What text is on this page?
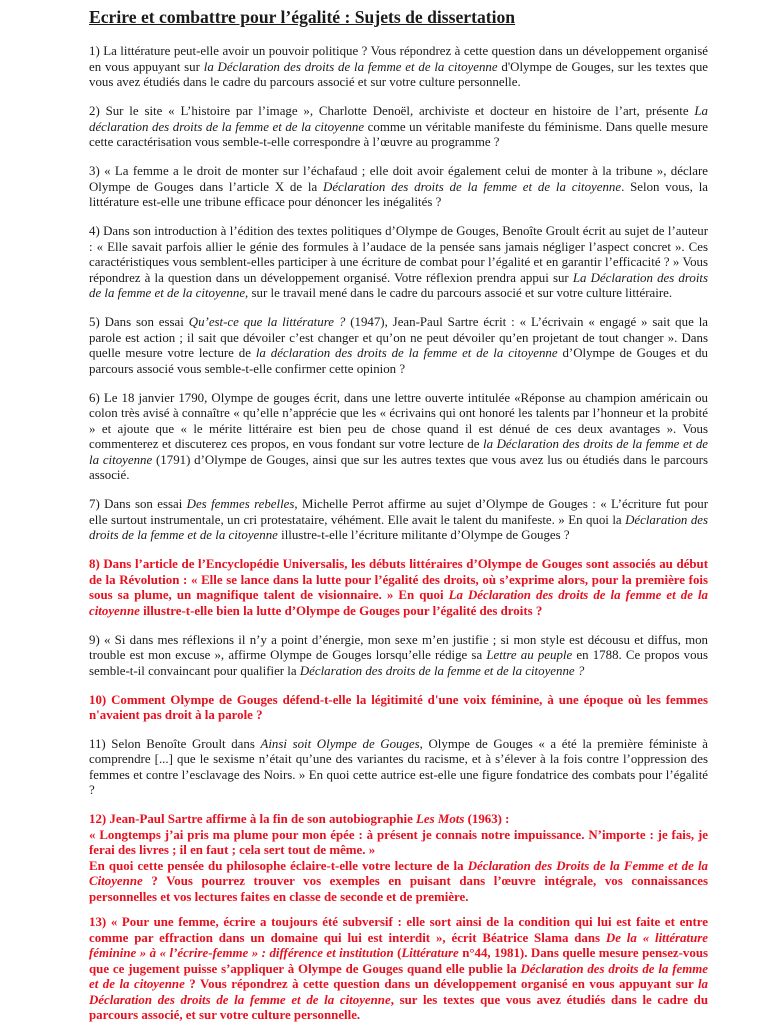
Ecrire et combattre pour l’égalité : Sujets de dissertation

1) La littérature peut-elle avoir un pouvoir politique ? Vous répondrez à cette question dans un développement organisé en vous appuyant sur la Déclaration des droits de la femme et de la citoyenne d'Olympe de Gouges, sur les textes que vous avez étudiés dans le cadre du parcours associé et sur votre culture personnelle.

2) Sur le site « L’histoire par l’image », Charlotte Denoël, archiviste et docteur en histoire de l’art, présente La déclaration des droits de la femme et de la citoyenne comme un véritable manifeste du féminisme. Dans quelle mesure cette caractérisation vous semble-t-elle correspondre à l’œuvre au programme ?

3) « La femme a le droit de monter sur l’échafaud ; elle doit avoir également celui de monter à la tribune », déclare Olympe de Gouges dans l’article X de la Déclaration des droits de la femme et de la citoyenne. Selon vous, la littérature est-elle une tribune efficace pour dénoncer les inégalités ?

4) Dans son introduction à l’édition des textes politiques d’Olympe de Gouges, Benoîte Groult écrit au sujet de l’auteur : « Elle savait parfois allier le génie des formules à l’audace de la pensée sans jamais négliger l’aspect concret ». Ces caractéristiques vous semblent-elles participer à une écriture de combat pour l’égalité et en garantir l’efficacité ? » Vous répondrez à la question dans un développement organisé. Votre réflexion prendra appui sur La Déclaration des droits de la femme et de la citoyenne, sur le travail mené dans le cadre du parcours associé et sur votre culture littéraire.

5) Dans son essai Qu’est-ce que la littérature ? (1947), Jean-Paul Sartre écrit : « L’écrivain « engagé » sait que la parole est action ; il sait que dévoiler c’est changer et qu’on ne peut dévoiler qu’en projetant de tout changer ». Dans quelle mesure votre lecture de la déclaration des droits de la femme et de la citoyenne d’Olympe de Gouges et du parcours associé vous semble-t-elle confirmer cette opinion ?

6) Le 18 janvier 1790, Olympe de gouges écrit, dans une lettre ouverte intitulée «Réponse au champion américain ou colon très avisé à connaître « qu’elle n’apprécie que les « écrivains qui ont honoré les talents par l’honneur et la probité » et ajoute que « le mérite littéraire est bien peu de chose quand il est dénué de ces deux avantages ». Vous commenterez et discuterez ces propos, en vous fondant sur votre lecture de la Déclaration des droits de la femme et de la citoyenne (1791) d’Olympe de Gouges, ainsi que sur les autres textes que vous avez lus ou étudiés dans le parcours associé.

7) Dans son essai Des femmes rebelles, Michelle Perrot affirme au sujet d’Olympe de Gouges : « L’écriture fut pour elle surtout instrumentale, un cri protestataire, véhément. Elle avait le talent du manifeste. » En quoi la Déclaration des droits de la femme et de la citoyenne illustre-t-elle l’écriture militante d’Olympe de Gouges ?

8) Dans l’article de l’Encyclopédie Universalis, les débuts littéraires d’Olympe de Gouges sont associés au début de la Révolution : « Elle se lance dans la lutte pour l’égalité des droits, où s’exprime alors, pour la première fois sous sa plume, un magnifique talent de visionnaire. » En quoi La Déclaration des droits de la femme et de la citoyenne illustre-t-elle bien la lutte d’Olympe de Gouges pour l’égalité des droits ?

9) « Si dans mes réflexions il n’y a point d’énergie, mon sexe m’en justifie ; si mon style est décousu et diffus, mon trouble est mon excuse », affirme Olympe de Gouges lorsqu’elle rédige sa Lettre au peuple en 1788. Ce propos vous semble-t-il convaincant pour qualifier la Déclaration des droits de la femme et de la citoyenne ?

10) Comment Olympe de Gouges défend-t-elle la légitimité d'une voix féminine, à une époque où les femmes n'avaient pas droit à la parole ?

11) Selon Benoîte Groult dans Ainsi soit Olympe de Gouges, Olympe de Gouges « a été la première féministe à comprendre [...] que le sexisme n’était qu’une des variantes du racisme, et à s’élever à la fois contre l’oppression des femmes et contre l’esclavage des Noirs. » En quoi cette autrice est-elle une figure fondatrice des combats pour l’égalité ?

12) Jean-Paul Sartre affirme à la fin de son autobiographie Les Mots (1963) :
« Longtemps j’ai pris ma plume pour mon épée : à présent je connais notre impuissance. N’importe : je fais, je ferai des livres ; il en faut ; cela sert tout de même. »
En quoi cette pensée du philosophe éclaire-t-elle votre lecture de la Déclaration des Droits de la Femme et de la Citoyenne ? Vous pourrez trouver vos exemples en puisant dans l’œuvre intégrale, vos connaissances personnelles et vos lectures faites en classe de seconde et de première.

13) « Pour une femme, écrire a toujours été subversif : elle sort ainsi de la condition qui lui est faite et entre comme par effraction dans un domaine qui lui est interdit », écrit Béatrice Slama dans De la « littérature féminine » à « l’écrire-femme » : différence et institution (Littérature n°44, 1981). Dans quelle mesure pensez-vous que ce jugement puisse s’appliquer à Olympe de Gouges quand elle publie la Déclaration des droits de la femme et de la citoyenne ? Vous répondrez à cette question dans un développement organisé en vous appuyant sur la Déclaration des droits de la femme et de la citoyenne, sur les textes que vous avez étudiés dans le cadre du parcours associé, et sur votre culture personnelle.
